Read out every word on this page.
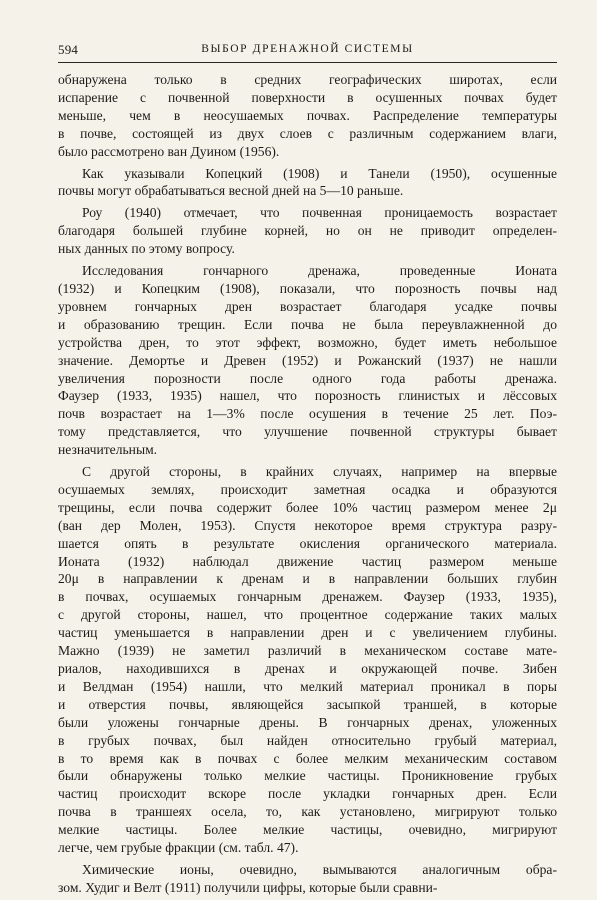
594	ВЫБОР ДРЕНАЖНОЙ СИСТЕМЫ

обнаружена только в средних географических широтах, если
испарение с почвенной поверхности в осушенных почвах будет
меньше, чем в неосушаемых почвах. Распределение температуры
в почве, состоящей из двух слоев с различным содержанием влаги,
было рассмотрено ван Дуином (1956).

Как указывали Копецкий (1908) и Танели (1950), осушенные
почвы могут обрабатываться весной дней на 5—10 раньше.

Роу (1940) отмечает, что почвенная проницаемость возрастает
благодаря большей глубине корней, но он не приводит определен-
ных данных по этому вопросу.

Исследования гончарного дренажа, проведенные Ионата
(1932) и Копецким (1908), показали, что порозность почвы над
уровнем гончарных дрен возрастает благодаря усадке почвы
и образованию трещин. Если почва не была переувлажненной до
устройства дрен, то этот эффект, возможно, будет иметь небольшое
значение. Демортье и Древен (1952) и Рожанский (1937) не нашли
увеличения порозности после одного года работы дренажа.
Фаузер (1933, 1935) нашел, что порозность глинистых и лёссовых
почв возрастает на 1—3% после осушения в течение 25 лет. Поэ-
тому представляется, что улучшение почвенной структуры бывает
незначительным.

С другой стороны, в крайних случаях, например на впервые
осушаемых землях, происходит заметная осадка и образуются
трещины, если почва содержит более 10% частиц размером менее 2μ
(ван дер Молен, 1953). Спустя некоторое время структура разру-
шается опять в результате окисления органического материала.
Ионата (1932) наблюдал движение частиц размером меньше
20μ в направлении к дренам и в направлении больших глубин
в почвах, осушаемых гончарным дренажем. Фаузер (1933, 1935),
с другой стороны, нашел, что процентное содержание таких малых
частиц уменьшается в направлении дрен и с увеличением глубины.
Мажно (1939) не заметил различий в механическом составе мате-
риалов, находившихся в дренах и окружающей почве. Зибен
и Велдман (1954) нашли, что мелкий материал проникал в поры
и отверстия почвы, являющейся засыпкой траншей, в которые
были уложены гончарные дрены. В гончарных дренах, уложенных
в грубых почвах, был найден относительно грубый материал,
в то время как в почвах с более мелким механическим составом
были обнаружены только мелкие частицы. Проникновение грубых
частиц происходит вскоре после укладки гончарных дрен. Если
почва в траншеях осела, то, как установлено, мигрируют только
мелкие частицы. Более мелкие частицы, очевидно, мигрируют
легче, чем грубые фракции (см. табл. 47).

Химические ионы, очевидно, вымываются аналогичным обра-
зом. Худиг и Велт (1911) получили цифры, которые были сравни-
